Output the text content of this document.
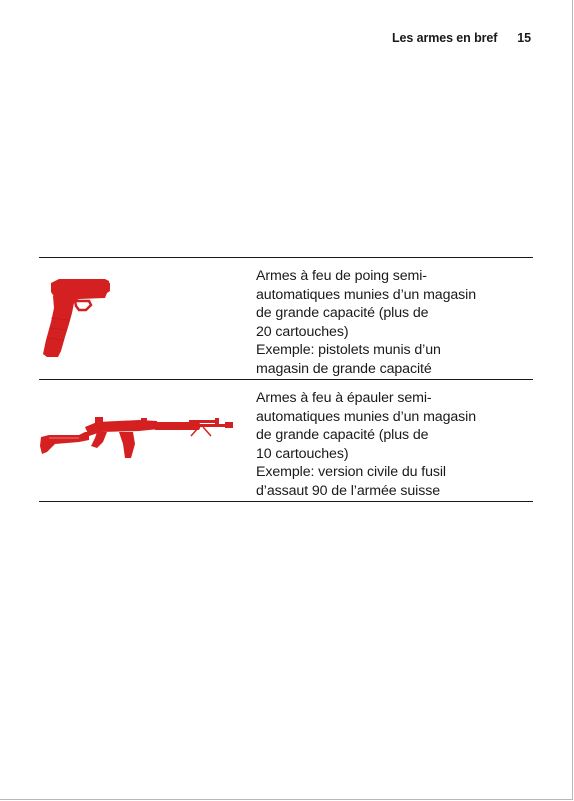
Les armes en bref 15
Armes à feu de poing semi-
automatiques munies d’un magasin
de grande capacité (plus de
20 cartouches)
Exemple: pistolets munis d’un
magasin de grande capacité
Armes à feu à épauler semi-
automatiques munies d’un magasin
de grande capacité (plus de
10 cartouches)
Exemple: version civile du fusil
d’assaut 90 de l’armée suisse
